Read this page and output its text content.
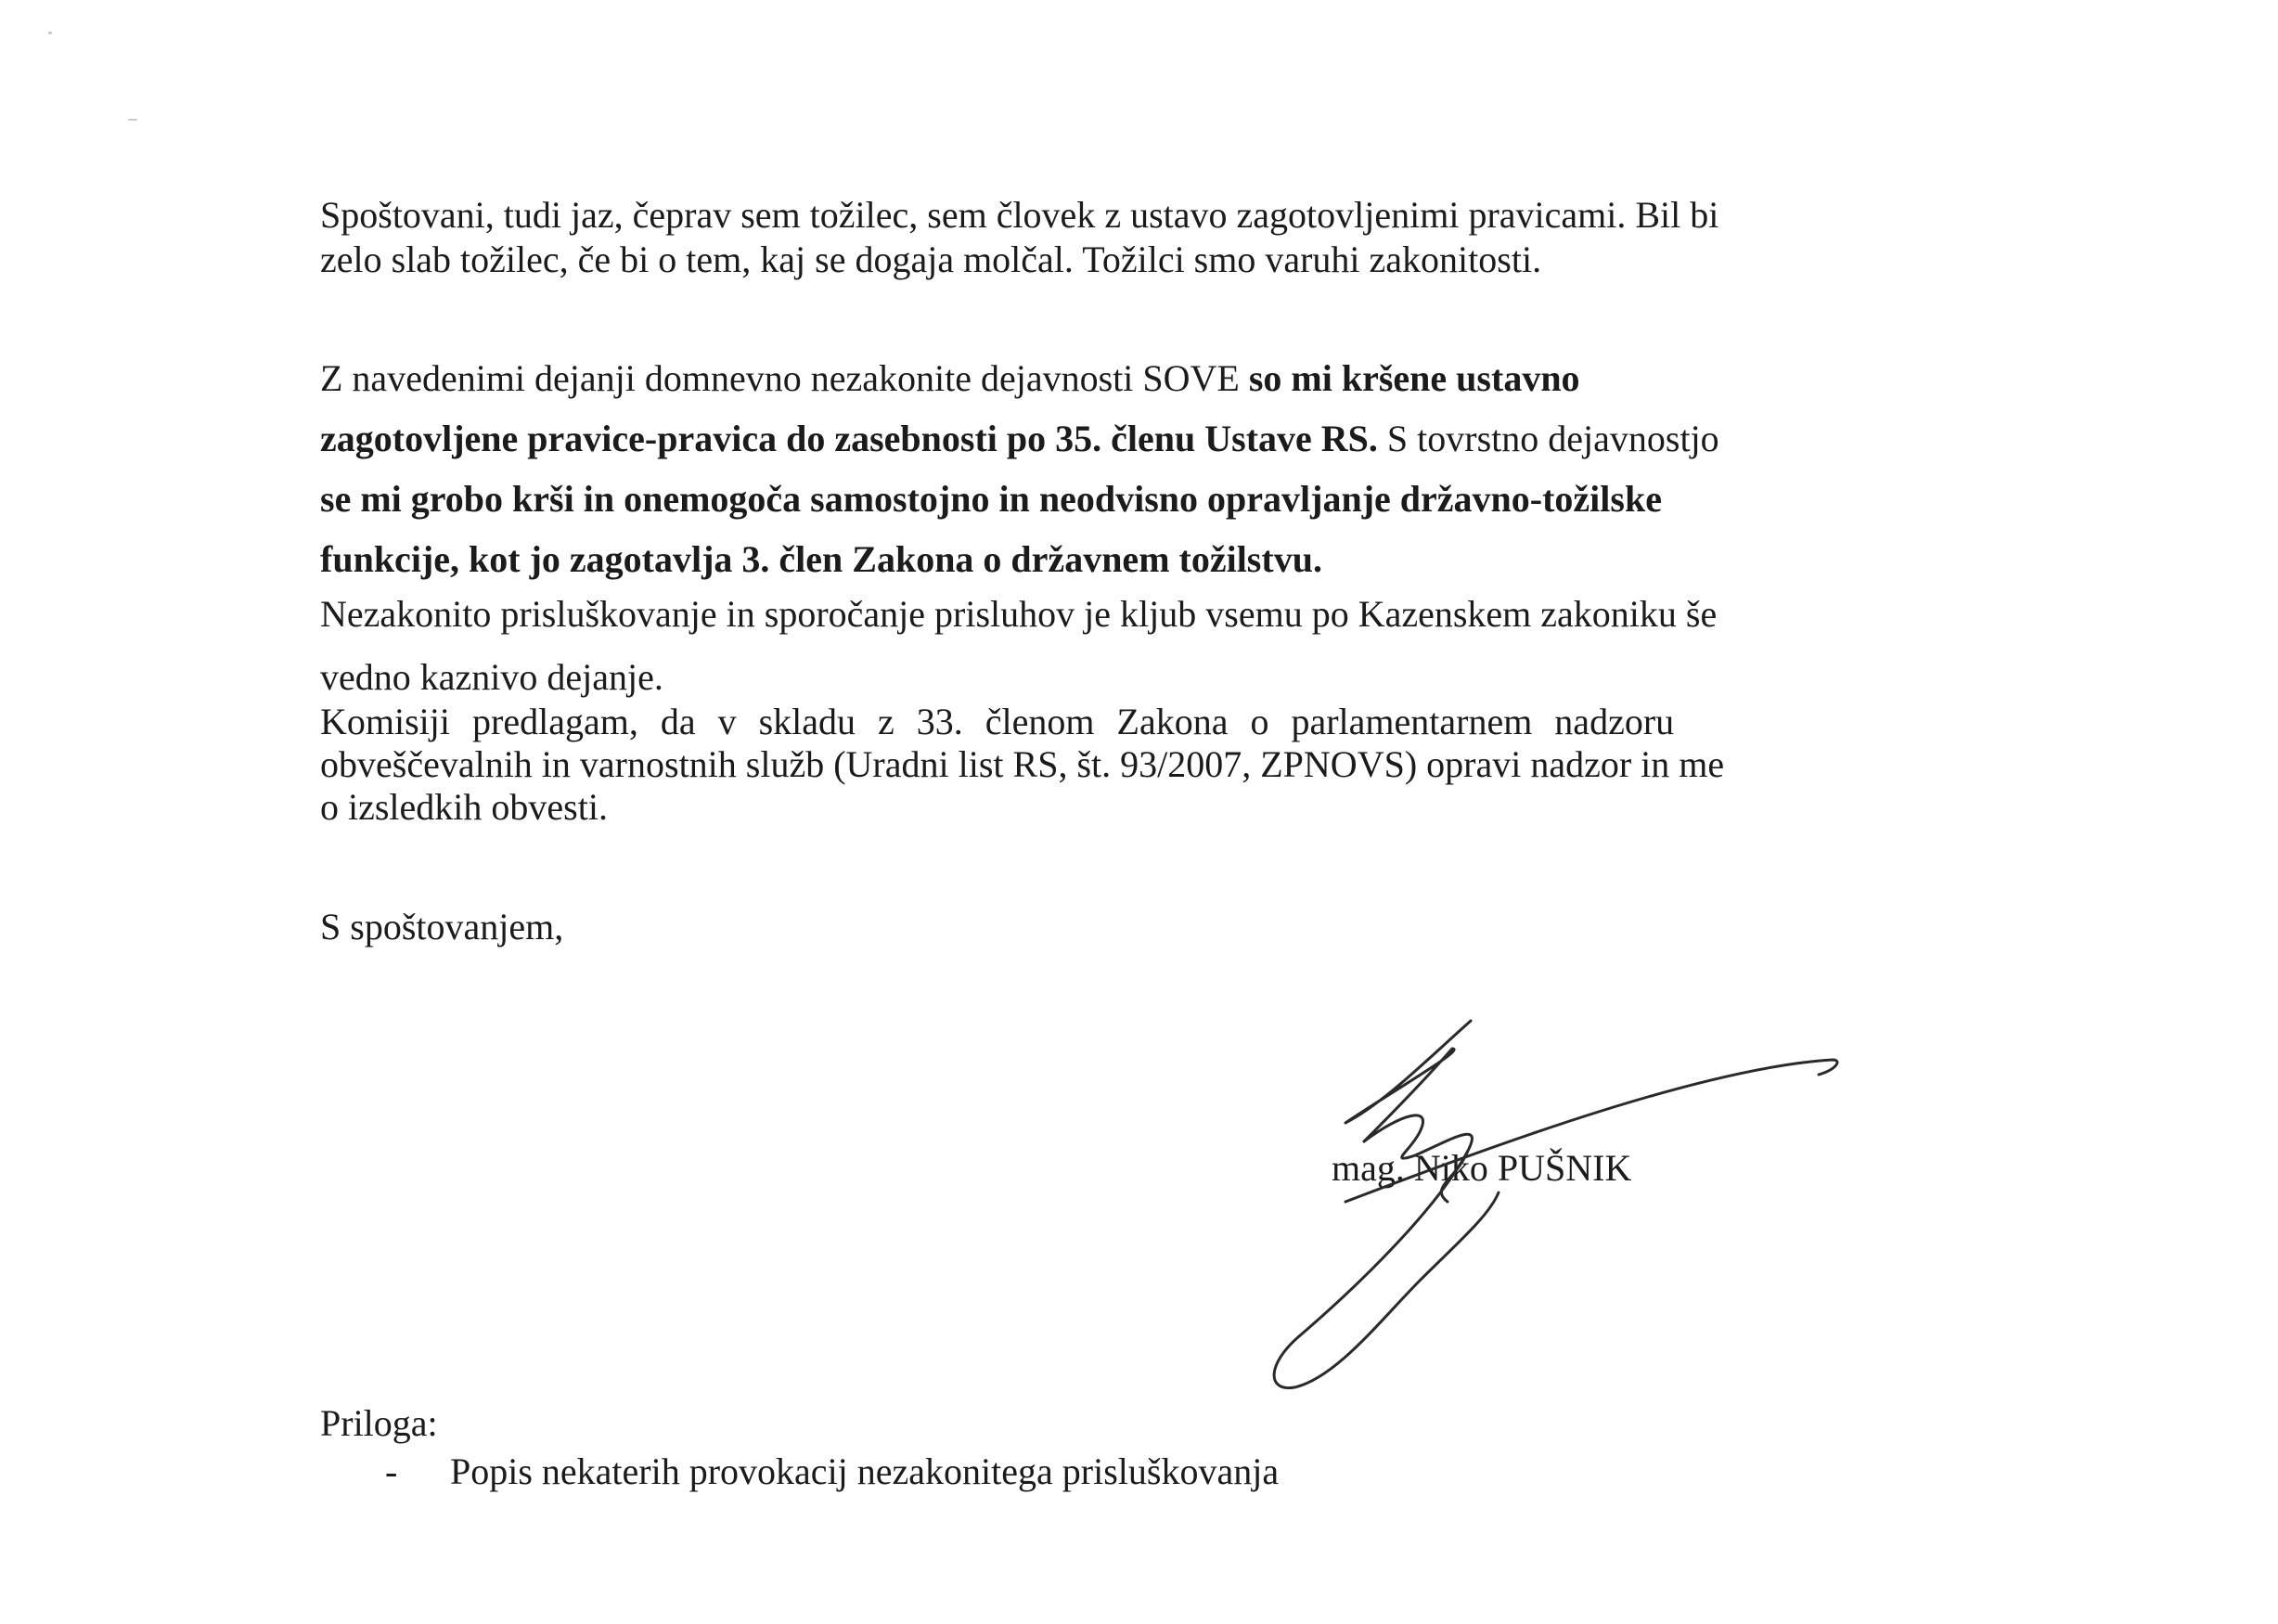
Spoštovani, tudi jaz, čeprav sem tožilec, sem človek z ustavo zagotovljenimi pravicami. Bil bi
zelo slab tožilec, če bi o tem, kaj se dogaja molčal. Tožilci smo varuhi zakonitosti.

Z navedenimi dejanji domnevno nezakonite dejavnosti SOVE so mi kršene ustavno
zagotovljene pravice-pravica do zasebnosti po 35. členu Ustave RS. S tovrstno dejavnostjo
se mi grobo krši in onemogoča samostojno in neodvisno opravljanje državno-tožilske
funkcije, kot jo zagotavlja 3. člen Zakona o državnem tožilstvu.

Nezakonito prisluškovanje in sporočanje prisluhov je kljub vsemu po Kazenskem zakoniku še
vedno kaznivo dejanje.

Komisiji predlagam, da v skladu z 33. členom Zakona o parlamentarnem nadzoru
obveščevalnih in varnostnih služb (Uradni list RS, št. 93/2007, ZPNOVS) opravi nadzor in me
o izsledkih obvesti.

S spoštovanjem,
mag. Niko PUŠNIK
Priloga:
- Popis nekaterih provokacij nezakonitega prisluškovanja
